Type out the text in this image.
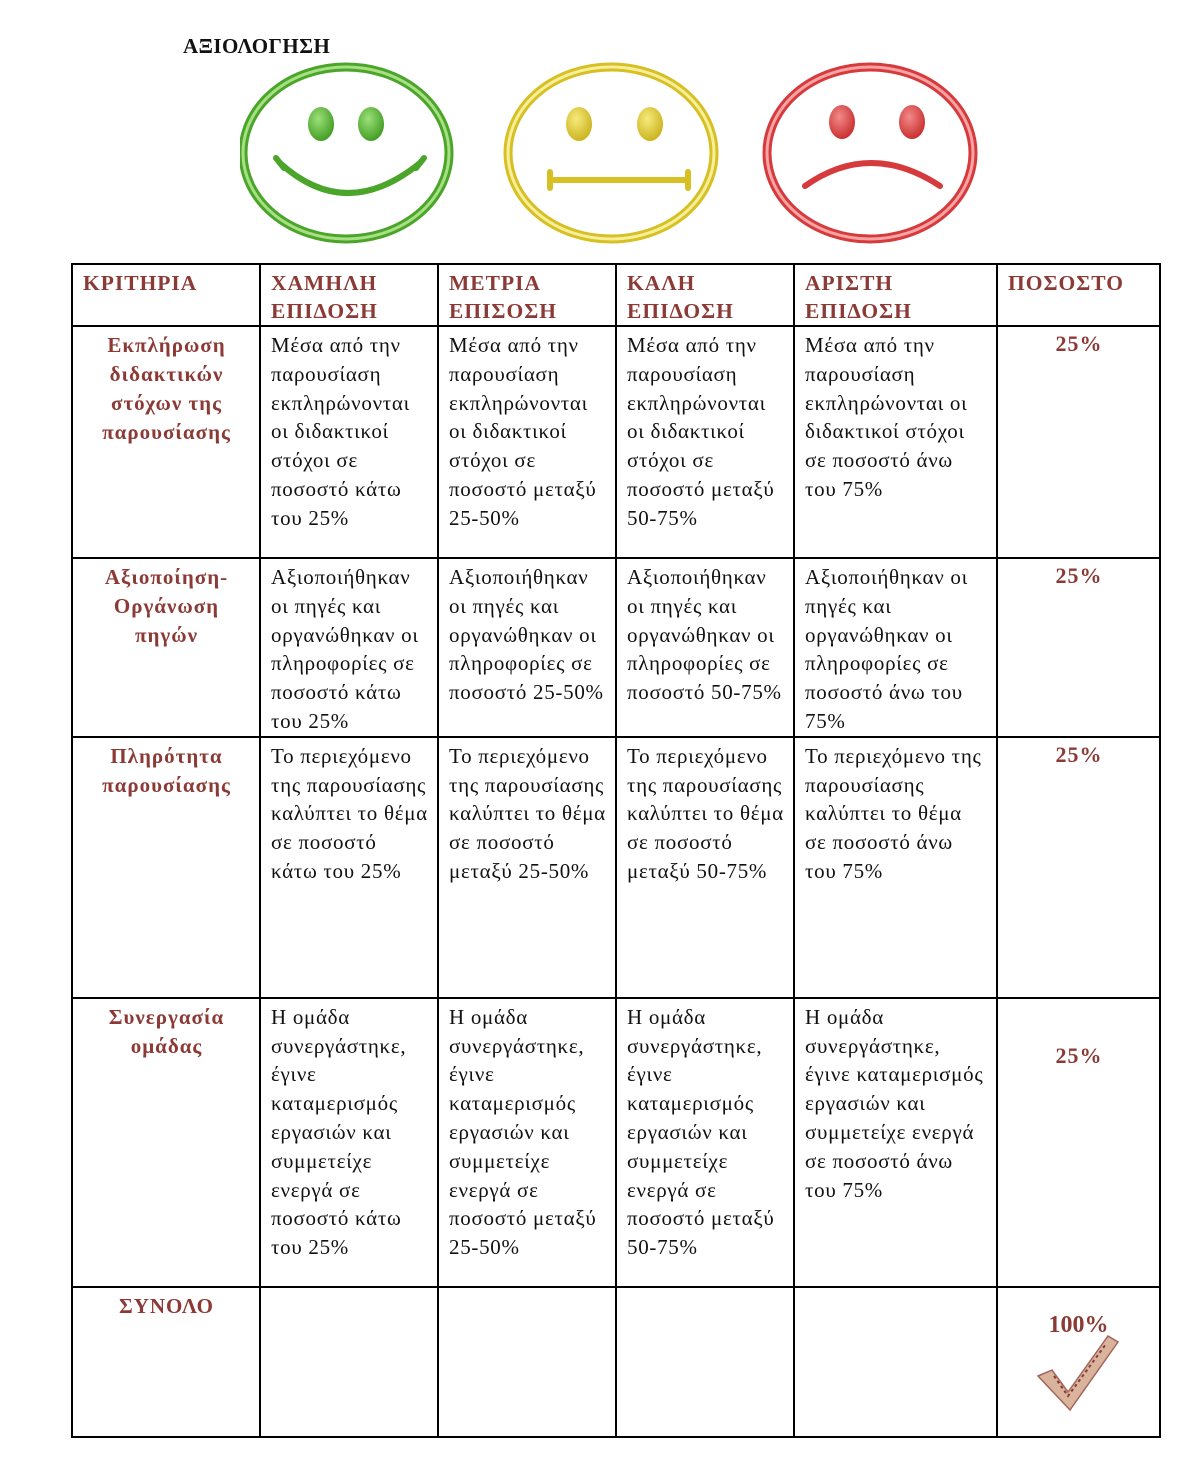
ΑΞΙΟΛΟΓΗΣΗ
ΚΡΙΤΗΡΙΑ	ΧΑΜΗΛΗ ΕΠΙΔΟΣΗ	ΜΕΤΡΙΑ ΕΠΙΣΟΣΗ	ΚΑΛΗ ΕΠΙΔΟΣΗ	ΑΡΙΣΤΗ ΕΠΙΔΟΣΗ	ΠΟΣΟΣΤΟ
Εκπλήρωση διδακτικών στόχων της παρουσίασης	Μέσα από την παρουσίαση εκπληρώνονται οι διδακτικοί στόχοι σε ποσοστό κάτω του 25%	Μέσα από την παρουσίαση εκπληρώνονται οι διδακτικοί στόχοι σε ποσοστό μεταξύ 25-50%	Μέσα από την παρουσίαση εκπληρώνονται οι διδακτικοί στόχοι σε ποσοστό μεταξύ 50-75%	Μέσα από την παρουσίαση εκπληρώνονται οι διδακτικοί στόχοι σε ποσοστό άνω του 75%	25%
Αξιοποίηση-Οργάνωση πηγών	Αξιοποιήθηκαν οι πηγές και οργανώθηκαν οι πληροφορίες σε ποσοστό κάτω του 25%	Αξιοποιήθηκαν οι πηγές και οργανώθηκαν οι πληροφορίες σε ποσοστό 25-50%	Αξιοποιήθηκαν οι πηγές και οργανώθηκαν οι πληροφορίες σε ποσοστό 50-75%	Αξιοποιήθηκαν οι πηγές και οργανώθηκαν οι πληροφορίες σε ποσοστό άνω του 75%	25%
Πληρότητα παρουσίασης	Το περιεχόμενο της παρουσίασης καλύπτει το θέμα σε ποσοστό κάτω του 25%	Το περιεχόμενο της παρουσίασης καλύπτει το θέμα σε ποσοστό μεταξύ 25-50%	Το περιεχόμενο της παρουσίασης καλύπτει το θέμα σε ποσοστό μεταξύ 50-75%	Το περιεχόμενο της παρουσίασης καλύπτει το θέμα σε ποσοστό άνω του 75%	25%
Συνεργασία ομάδας	Η ομάδα συνεργάστηκε, έγινε καταμερισμός εργασιών και συμμετείχε ενεργά σε ποσοστό κάτω του 25%	Η ομάδα συνεργάστηκε, έγινε καταμερισμός εργασιών και συμμετείχε ενεργά σε ποσοστό μεταξύ 25-50%	Η ομάδα συνεργάστηκε, έγινε καταμερισμός εργασιών και συμμετείχε ενεργά σε ποσοστό μεταξύ 50-75%	Η ομάδα συνεργάστηκε, έγινε καταμερισμός εργασιών και συμμετείχε ενεργά σε ποσοστό άνω του 75%	25%
ΣΥΝΟΛΟ					100%
